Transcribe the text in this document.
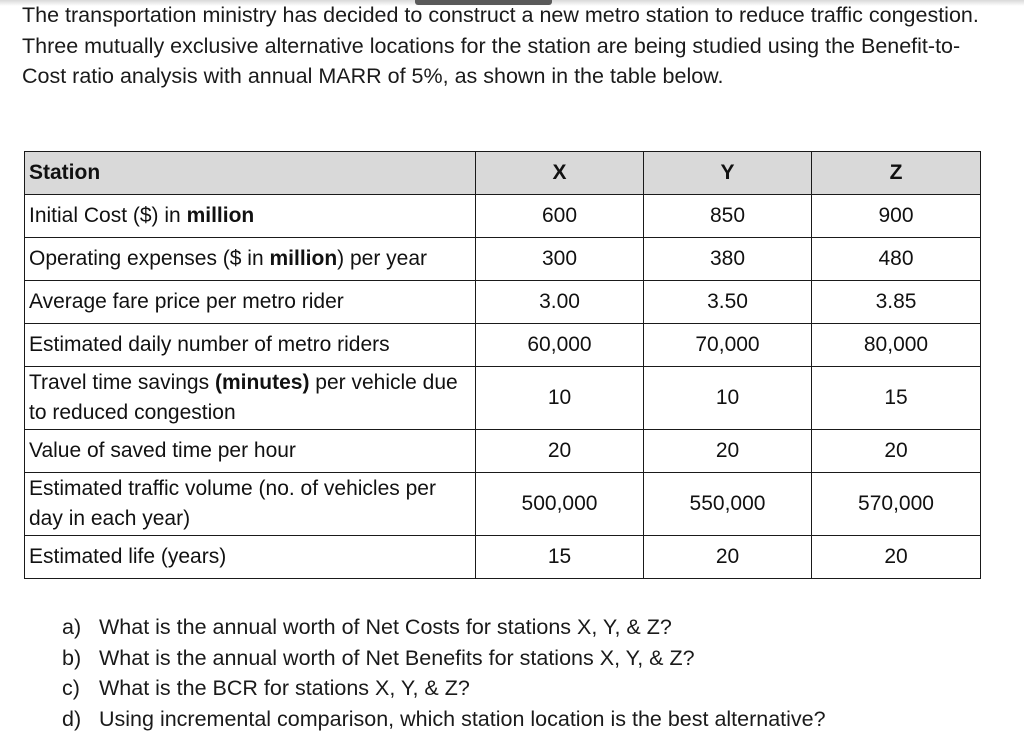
The transportation ministry has decided to construct a new metro station to reduce traffic congestion. Three mutually exclusive alternative locations for the station are being studied using the Benefit-to-Cost ratio analysis with annual MARR of 5%, as shown in the table below.

Station	X	Y	Z
Initial Cost ($) in million	600	850	900
Operating expenses ($ in million) per year	300	380	480
Average fare price per metro rider	3.00	3.50	3.85
Estimated daily number of metro riders	60,000	70,000	80,000
Travel time savings (minutes) per vehicle due to reduced congestion	10	10	15
Value of saved time per hour	20	20	20
Estimated traffic volume (no. of vehicles per day in each year)	500,000	550,000	570,000
Estimated life (years)	15	20	20
a) What is the annual worth of Net Costs for stations X, Y, & Z?
b) What is the annual worth of Net Benefits for stations X, Y, & Z?
c) What is the BCR for stations X, Y, & Z?
d) Using incremental comparison, which station location is the best alternative?
